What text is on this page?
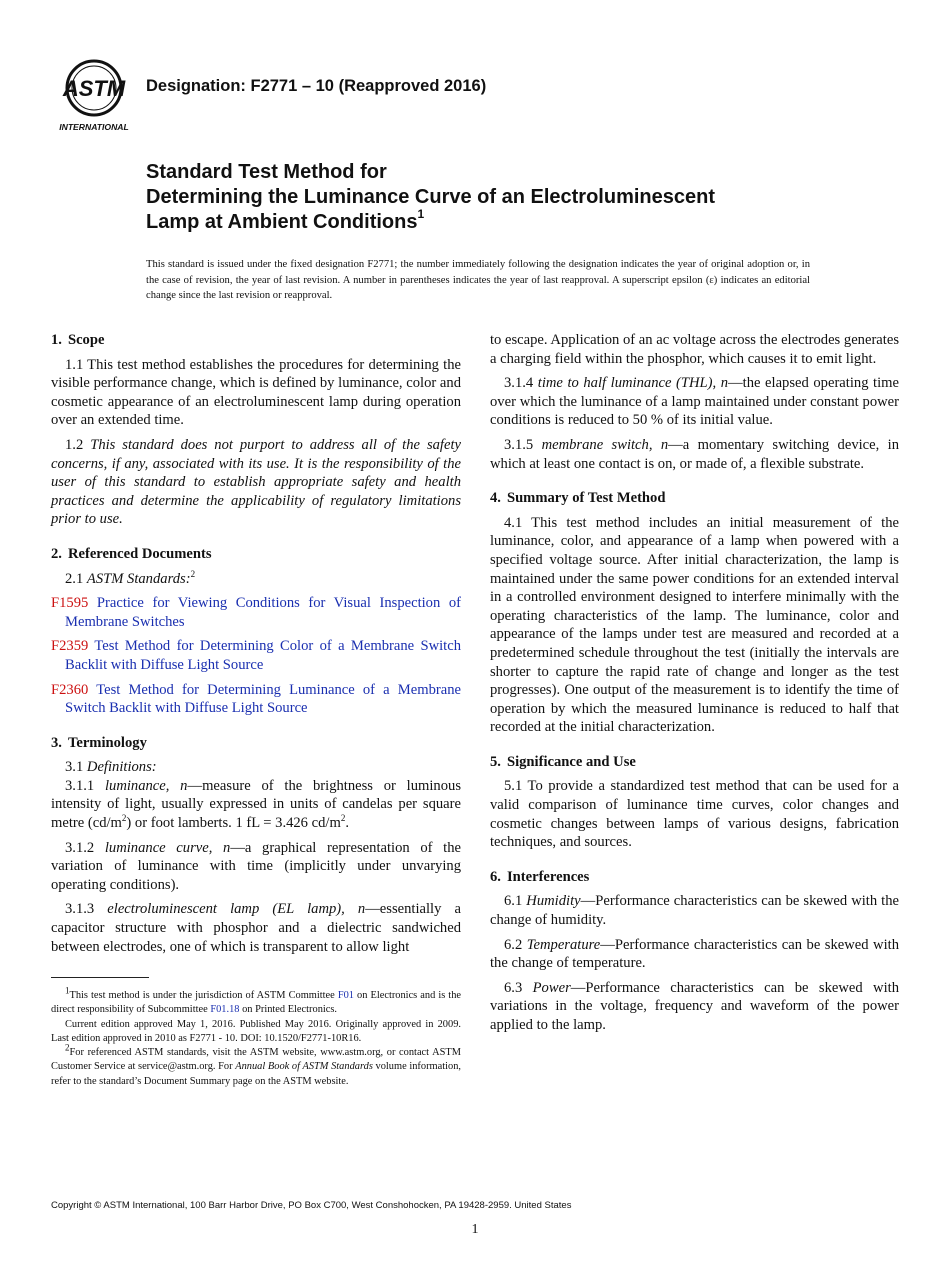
ASTM
INTERNATIONAL
Designation: F2771 – 10 (Reapproved 2016)
Standard Test Method for
Determining the Luminance Curve of an Electroluminescent
Lamp at Ambient Conditions$^1$
This standard is issued under the fixed designation F2771; the number immediately following the designation indicates the year of original adoption or, in the case of revision, the year of last revision. A number in parentheses indicates the year of last reapproval. A superscript epsilon (ε) indicates an editorial change since the last revision or reapproval.
1. Scope

1.1 This test method establishes the procedures for determining the visible performance change, which is defined by luminance, color and cosmetic appearance of an electroluminescent lamp during operation over an extended time.

1.2 This standard does not purport to address all of the safety concerns, if any, associated with its use. It is the responsibility of the user of this standard to establish appropriate safety and health practices and determine the applicability of regulatory limitations prior to use.

2. Referenced Documents

2.1 ASTM Standards:$^2$

F1595 Practice for Viewing Conditions for Visual Inspection of Membrane Switches

F2359 Test Method for Determining Color of a Membrane Switch Backlit with Diffuse Light Source

F2360 Test Method for Determining Luminance of a Membrane Switch Backlit with Diffuse Light Source

3. Terminology

3.1 Definitions:

3.1.1 luminance, n—measure of the brightness or luminous intensity of light, usually expressed in units of candelas per square metre $(cd/m^2)$ or foot lamberts. 1 fL = 3.426 $cd/m^2$.

3.1.2 luminance curve, n—a graphical representation of the variation of luminance with time (implicitly under unvarying operating conditions).

3.1.3 electroluminescent lamp (EL lamp), n—essentially a capacitor structure with phosphor and a dielectric sandwiched between electrodes, one of which is transparent to allow light

$^1$This test method is under the jurisdiction of ASTM Committee F01 on Electronics and is the direct responsibility of Subcommittee F01.18 on Printed Electronics.

Current edition approved May 1, 2016. Published May 2016. Originally approved in 2009. Last edition approved in 2010 as F2771 - 10. DOI: 10.1520/F2771-10R16.

$^2$For referenced ASTM standards, visit the ASTM website, www.astm.org, or contact ASTM Customer Service at service@astm.org. For Annual Book of ASTM Standards volume information, refer to the standard’s Document Summary page on the ASTM website.

to escape. Application of an ac voltage across the electrodes generates a charging field within the phosphor, which causes it to emit light.

3.1.4 time to half luminance (THL), n—the elapsed operating time over which the luminance of a lamp maintained under constant power conditions is reduced to 50 % of its initial value.

3.1.5 membrane switch, n—a momentary switching device, in which at least one contact is on, or made of, a flexible substrate.

4. Summary of Test Method

4.1 This test method includes an initial measurement of the luminance, color, and appearance of a lamp when powered with a specified voltage source. After initial characterization, the lamp is maintained under the same power conditions for an extended interval in a controlled environment designed to interfere minimally with the operating characteristics of the lamp. The luminance, color and appearance of the lamps under test are measured and recorded at a predetermined schedule throughout the test (initially the intervals are shorter to capture the rapid rate of change and longer as the test progresses). One output of the measurement is to identify the time of operation by which the measured luminance is reduced to half that recorded at the initial characterization.

5. Significance and Use

5.1 To provide a standardized test method that can be used for a valid comparison of luminance time curves, color changes and cosmetic changes between lamps of various designs, fabrication techniques, and sources.

6. Interferences

6.1 Humidity—Performance characteristics can be skewed with the change of humidity.

6.2 Temperature—Performance characteristics can be skewed with the change of temperature.

6.3 Power—Performance characteristics can be skewed with variations in the voltage, frequency and waveform of the power applied to the lamp.

Copyright © ASTM International, 100 Barr Harbor Drive, PO Box C700, West Conshohocken, PA 19428-2959. United States
1
